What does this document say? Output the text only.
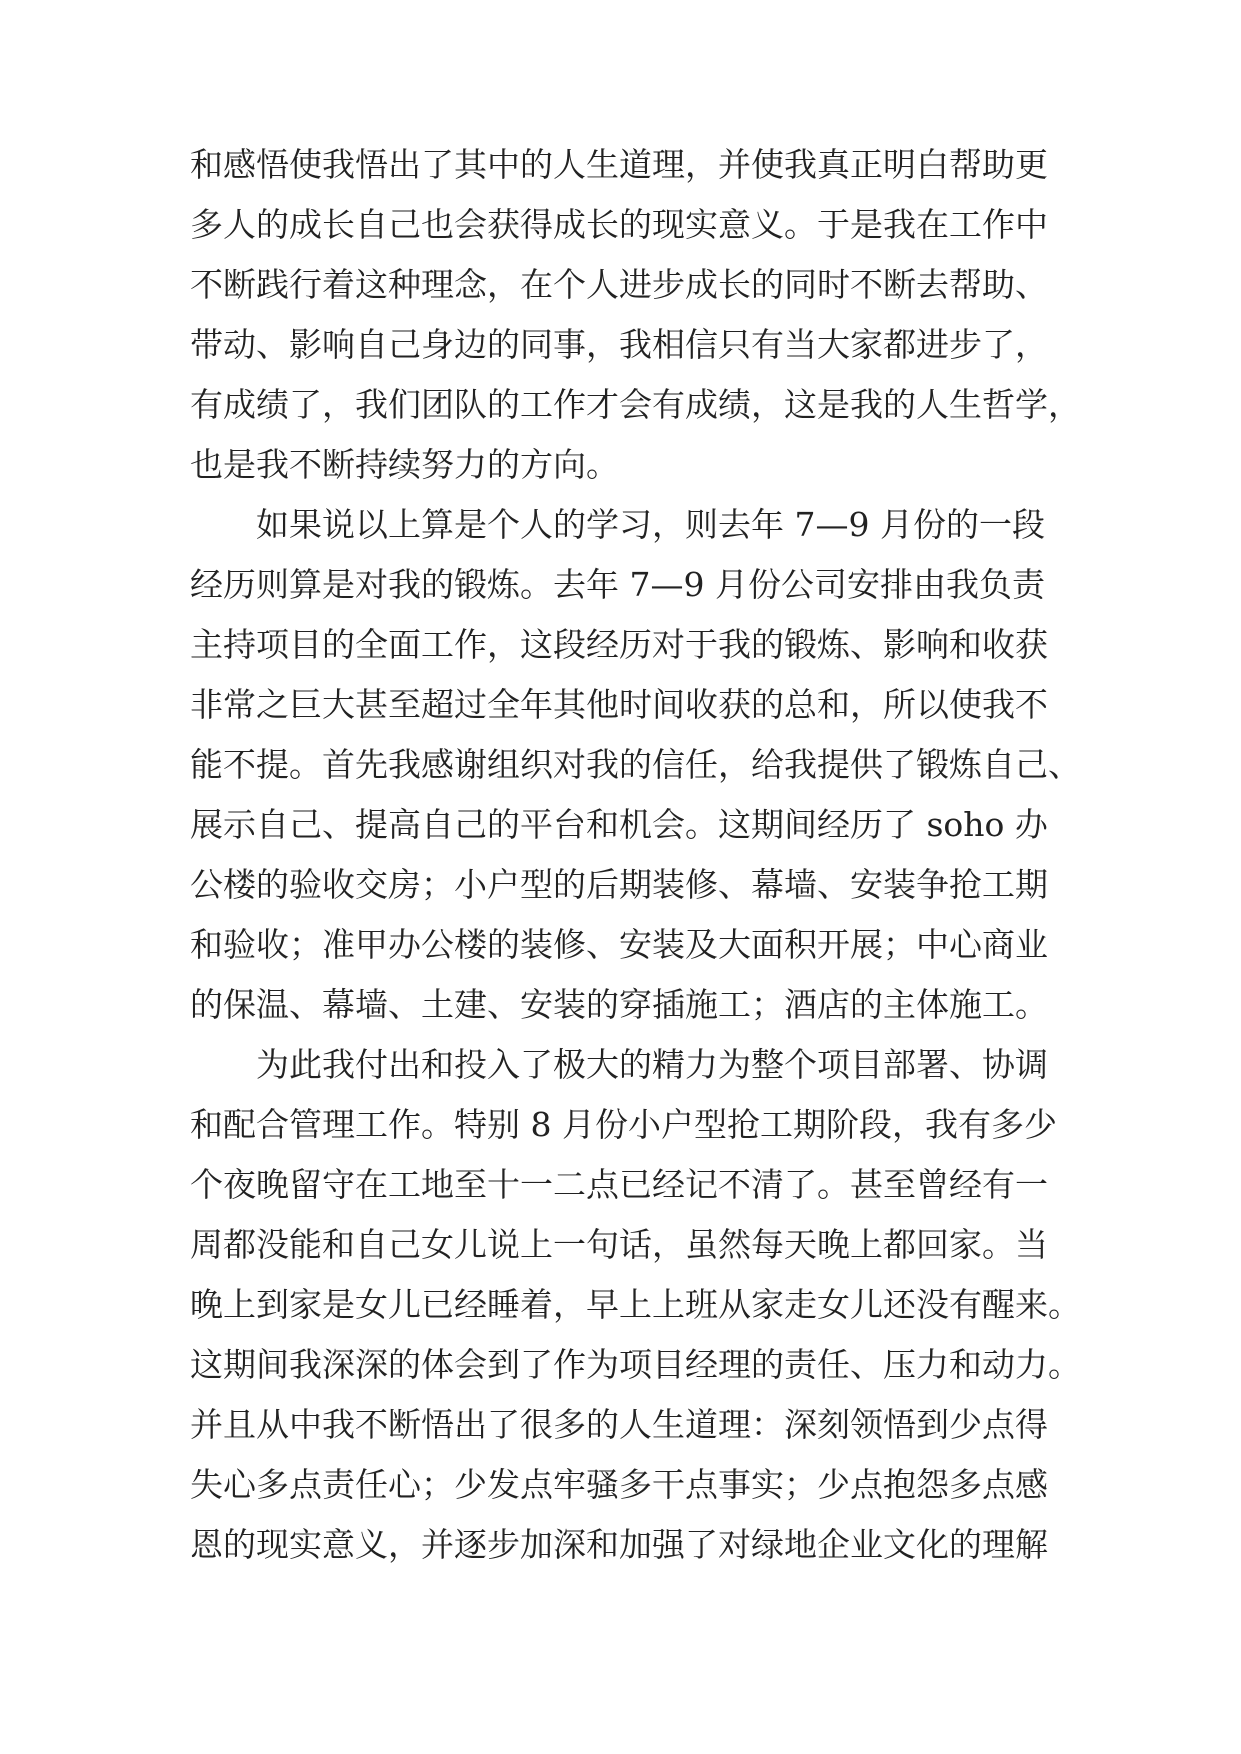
和感悟使我悟出了其中的人生道理，并使我真正明白帮助更
多人的成长自己也会获得成长的现实意义。于是我在工作中
不断践行着这种理念，在个人进步成长的同时不断去帮助、
带动、影响自己身边的同事，我相信只有当大家都进步了，
有成绩了，我们团队的工作才会有成绩，这是我的人生哲学，
也是我不断持续努力的方向。
如果说以上算是个人的学习，则去年 7—9 月份的一段
经历则算是对我的锻炼。去年 7—9 月份公司安排由我负责
主持项目的全面工作，这段经历对于我的锻炼、影响和收获
非常之巨大甚至超过全年其他时间收获的总和，所以使我不
能不提。首先我感谢组织对我的信任，给我提供了锻炼自己、
展示自己、提高自己的平台和机会。这期间经历了 soho 办
公楼的验收交房；小户型的后期装修、幕墙、安装争抢工期
和验收；准甲办公楼的装修、安装及大面积开展；中心商业
的保温、幕墙、土建、安装的穿插施工；酒店的主体施工。
为此我付出和投入了极大的精力为整个项目部署、协调
和配合管理工作。特别 8 月份小户型抢工期阶段，我有多少
个夜晚留守在工地至十一二点已经记不清了。甚至曾经有一
周都没能和自己女儿说上一句话，虽然每天晚上都回家。当
晚上到家是女儿已经睡着，早上上班从家走女儿还没有醒来。
这期间我深深的体会到了作为项目经理的责任、压力和动力。
并且从中我不断悟出了很多的人生道理：深刻领悟到少点得
失心多点责任心；少发点牢骚多干点事实；少点抱怨多点感
恩的现实意义，并逐步加深和加强了对绿地企业文化的理解
